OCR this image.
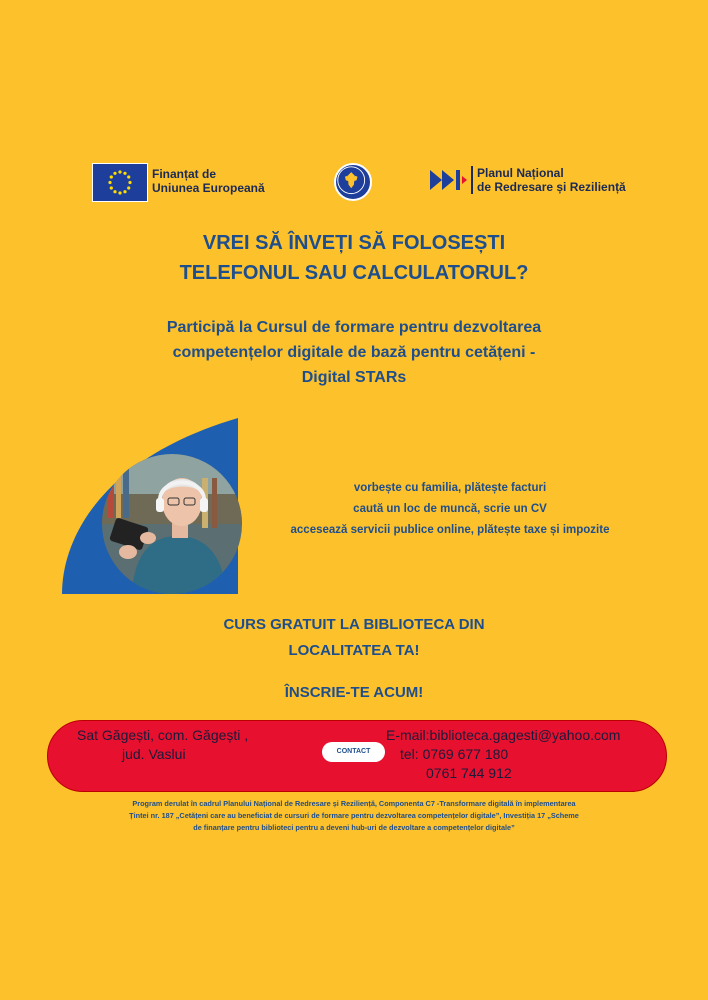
Finanțat de
Uniunea Europeană
Planul Național
de Redresare și Reziliență
VREI SĂ ÎNVEȚI SĂ FOLOSEȘTI
TELEFONUL SAU CALCULATORUL?
Participă la Cursul de formare pentru dezvoltarea
competențelor digitale de bază pentru cetățeni -
Digital STARs
vorbește cu familia, plătește facturi
caută un loc de muncă, scrie un CV
accesează servicii publice online, plătește taxe și impozite
CURS GRATUIT LA BIBLIOTECA DIN
LOCALITATEA TA!
ÎNSCRIE-TE ACUM!
Sat Găgești, com. Găgești ,
jud. Vaslui	CONTACT
E-mail:biblioteca.gagesti@yahoo.com
tel: 0769 677 180
0761 744 912
Program derulat în cadrul Planului Național de Redresare și Reziliență, Componenta C7 -Transformare digitală în implementarea
Țintei nr. 187 „Cetățeni care au beneficiat de cursuri de formare pentru dezvoltarea competențelor digitale”, Investiția 17 „Scheme
de finanțare pentru biblioteci pentru a deveni hub-uri de dezvoltare a competențelor digitale”
